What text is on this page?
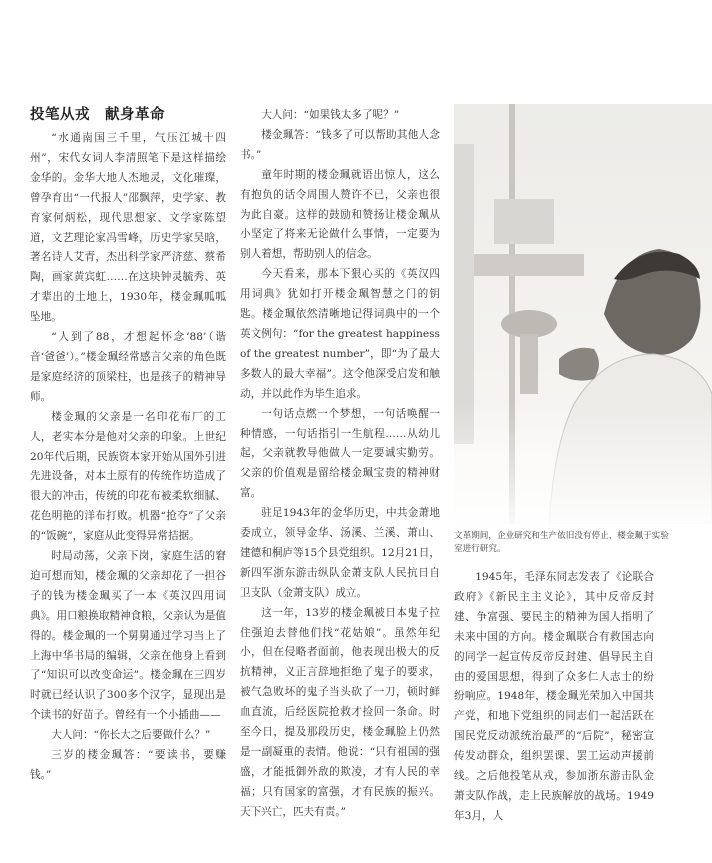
投笔从戎　献身革命

“水通南国三千里，气压江城十四州”，宋代女词人李清照笔下是这样描绘金华的。金华大地人杰地灵，文化璀璨，曾孕育出“一代报人”邵飘萍，史学家、教育家何炳松，现代思想家、文学家陈望道，文艺理论家冯雪峰，历史学家吴晗，著名诗人艾青，杰出科学家严济慈、蔡希陶，画家黄宾虹……在这块钟灵毓秀、英才辈出的土地上，1930年，楼金珮呱呱坠地。

“人到了88，才想起怀念‘88’（谐音‘爸爸’）。”楼金珮经常感言父亲的角色既是家庭经济的顶梁柱，也是孩子的精神导师。

楼金珮的父亲是一名印花布厂的工人，老实本分是他对父亲的印象。上世纪20年代后期，民族资本家开始从国外引进先进设备，对本土原有的传统作坊造成了很大的冲击，传统的印花布被柔软细腻、花色明艳的洋布打败。机器“抢夺”了父亲的“饭碗”，家庭从此变得异常拮据。

时局动荡，父亲下岗，家庭生活的窘迫可想而知，楼金珮的父亲却花了一担谷子的钱为楼金珮买了一本《英汉四用词典》。用口粮换取精神食粮，父亲认为是值得的。楼金珮的一个舅舅通过学习当上了上海中华书局的编辑，父亲在他身上看到了“知识可以改变命运”。楼金珮在三四岁时就已经认识了300多个汉字，显现出是个读书的好苗子。曾经有一个小插曲——

大人问：“你长大之后要做什么？”

三岁的楼金珮答：“要读书，要赚钱。”

大人问：“如果钱太多了呢？”

楼金珮答：“钱多了可以帮助其他人念书。”

童年时期的楼金珮就语出惊人，这么有抱负的话令周围人赞许不已，父亲也很为此自豪。这样的鼓励和赞扬让楼金珮从小坚定了将来无论做什么事情，一定要为别人着想，帮助别人的信念。

今天看来，那本下狠心买的《英汉四用词典》犹如打开楼金珮智慧之门的钥匙。楼金珮依然清晰地记得词典中的一个英文例句：“for the greatest happiness of the greatest number”，即“为了最大多数人的最大幸福”。这令他深受启发和触动，并以此作为毕生追求。

一句话点燃一个梦想，一句话唤醒一种情感，一句话指引一生航程……从幼儿起，父亲就教导他做人一定要诚实勤劳。父亲的价值观是留给楼金珮宝贵的精神财富。

驻足1943年的金华历史，中共金萧地委成立，领导金华、汤溪、兰溪、萧山、建德和桐庐等15个县党组织。12月21日，新四军浙东游击纵队金萧支队人民抗日自卫支队（金萧支队）成立。

这一年，13岁的楼金珮被日本鬼子拉住强迫去替他们找“花姑娘”。虽然年纪小，但在侵略者面前，他表现出极大的反抗精神，义正言辞地拒绝了鬼子的要求，被气急败坏的鬼子当头砍了一刀，顿时鲜血直流，后经医院抢救才捡回一条命。时至今日，提及那段历史，楼金珮脸上仍然是一副凝重的表情。他说：“只有祖国的强盛，才能抵御外敌的欺凌，才有人民的幸福；只有国家的富强，才有民族的振兴。天下兴亡，匹夫有责。”

文革期间，企业研究和生产依旧没有停止，楼金珮于实验室进行研究。

1945年，毛泽东同志发表了《论联合政府》《新民主主义论》，其中反帝反封建、争富强、要民主的精神为国人指明了未来中国的方向。楼金珮联合有救国志向的同学一起宣传反帝反封建、倡导民主自由的爱国思想，得到了众多仁人志士的纷纷响应。1948年，楼金珮光荣加入中国共产党，和地下党组织的同志们一起活跃在国民党反动派统治最严的“后院”，秘密宣传发动群众，组织罢课、罢工运动声援前线。之后他投笔从戎，参加浙东游击队金萧支队作战，走上民族解放的战场。1949年3月，人
